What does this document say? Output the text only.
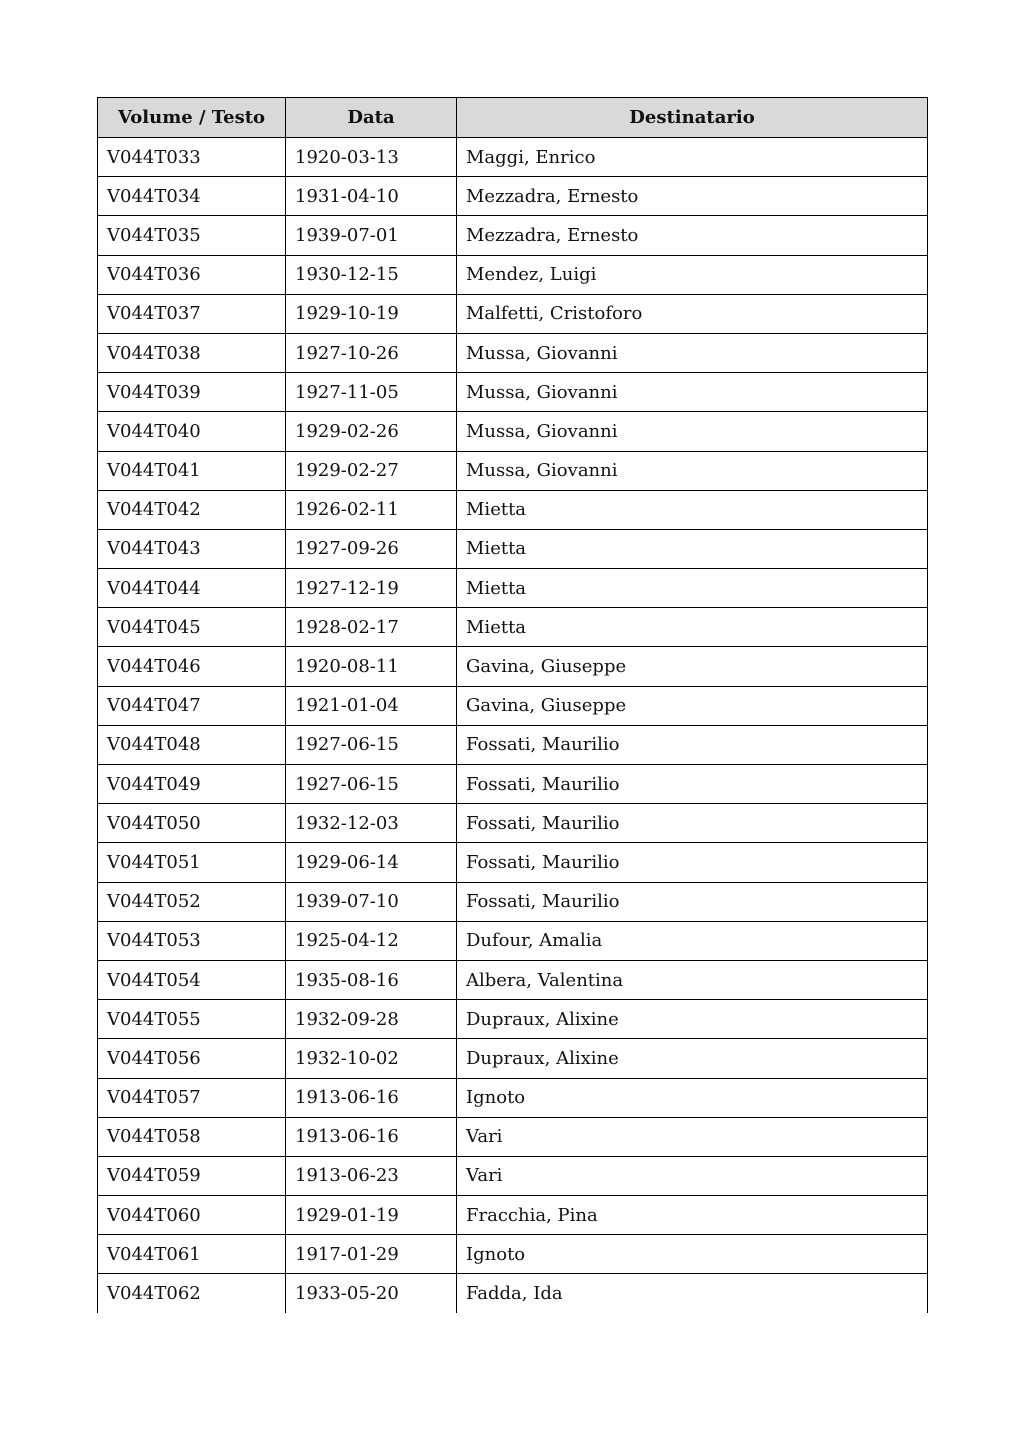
Volume / Testo	Data	Destinatario
V044T033	1920-03-13	Maggi, Enrico
V044T034	1931-04-10	Mezzadra, Ernesto
V044T035	1939-07-01	Mezzadra, Ernesto
V044T036	1930-12-15	Mendez, Luigi
V044T037	1929-10-19	Malfetti, Cristoforo
V044T038	1927-10-26	Mussa, Giovanni
V044T039	1927-11-05	Mussa, Giovanni
V044T040	1929-02-26	Mussa, Giovanni
V044T041	1929-02-27	Mussa, Giovanni
V044T042	1926-02-11	Mietta
V044T043	1927-09-26	Mietta
V044T044	1927-12-19	Mietta
V044T045	1928-02-17	Mietta
V044T046	1920-08-11	Gavina, Giuseppe
V044T047	1921-01-04	Gavina, Giuseppe
V044T048	1927-06-15	Fossati, Maurilio
V044T049	1927-06-15	Fossati, Maurilio
V044T050	1932-12-03	Fossati, Maurilio
V044T051	1929-06-14	Fossati, Maurilio
V044T052	1939-07-10	Fossati, Maurilio
V044T053	1925-04-12	Dufour, Amalia
V044T054	1935-08-16	Albera, Valentina
V044T055	1932-09-28	Dupraux, Alixine
V044T056	1932-10-02	Dupraux, Alixine
V044T057	1913-06-16	Ignoto
V044T058	1913-06-16	Vari
V044T059	1913-06-23	Vari
V044T060	1929-01-19	Fracchia, Pina
V044T061	1917-01-29	Ignoto
V044T062	1933-05-20	Fadda, Ida
